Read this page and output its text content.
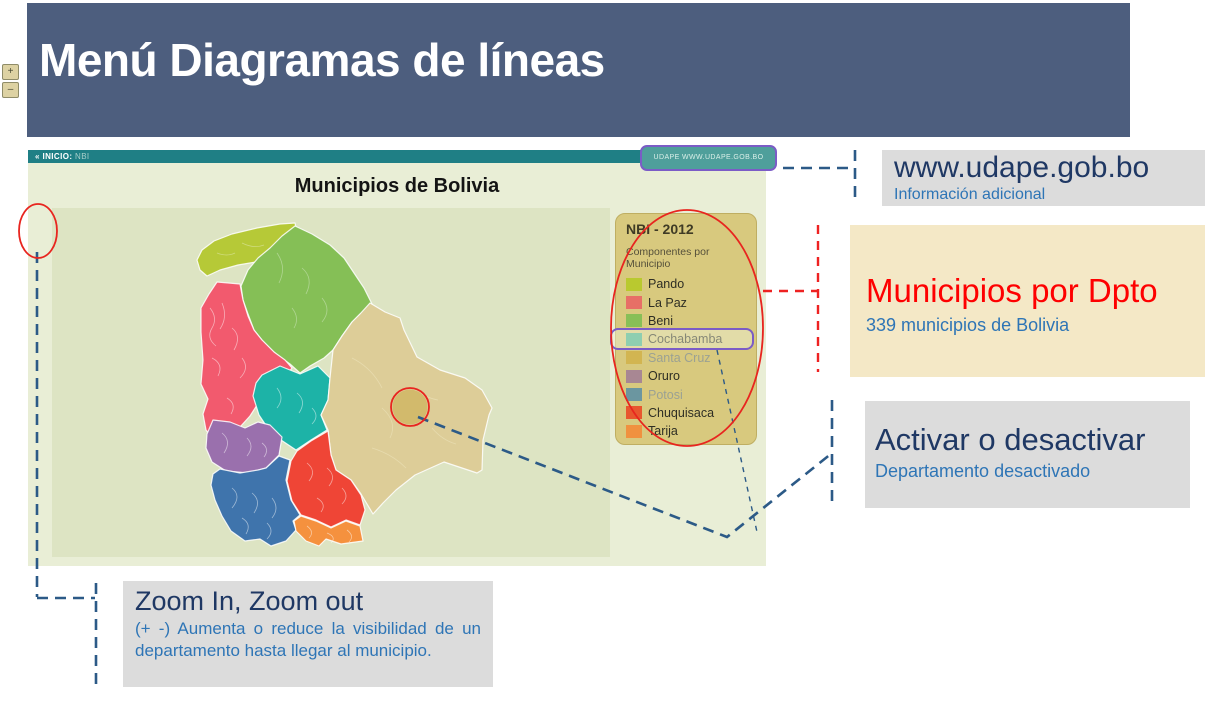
Menú Diagramas de líneas
« INICIO: NBI
Municipios de Bolivia
NBI - 2012
Componentes por Municipio
Pando
La Paz
Beni
Cochabamba
Santa Cruz
Oruro
Potosi
Chuquisaca
Tarija
+
–
UDAPE WWW.UDAPE.GOB.BO	www.udape.gob.bo
Información adicional
Municipios por Dpto
339 municipios de Bolivia
Activar o desactivar
Departamento desactivado
Zoom In, Zoom out
(+ -) Aumenta o reduce la visibilidad de un departamento hasta llegar al municipio.
